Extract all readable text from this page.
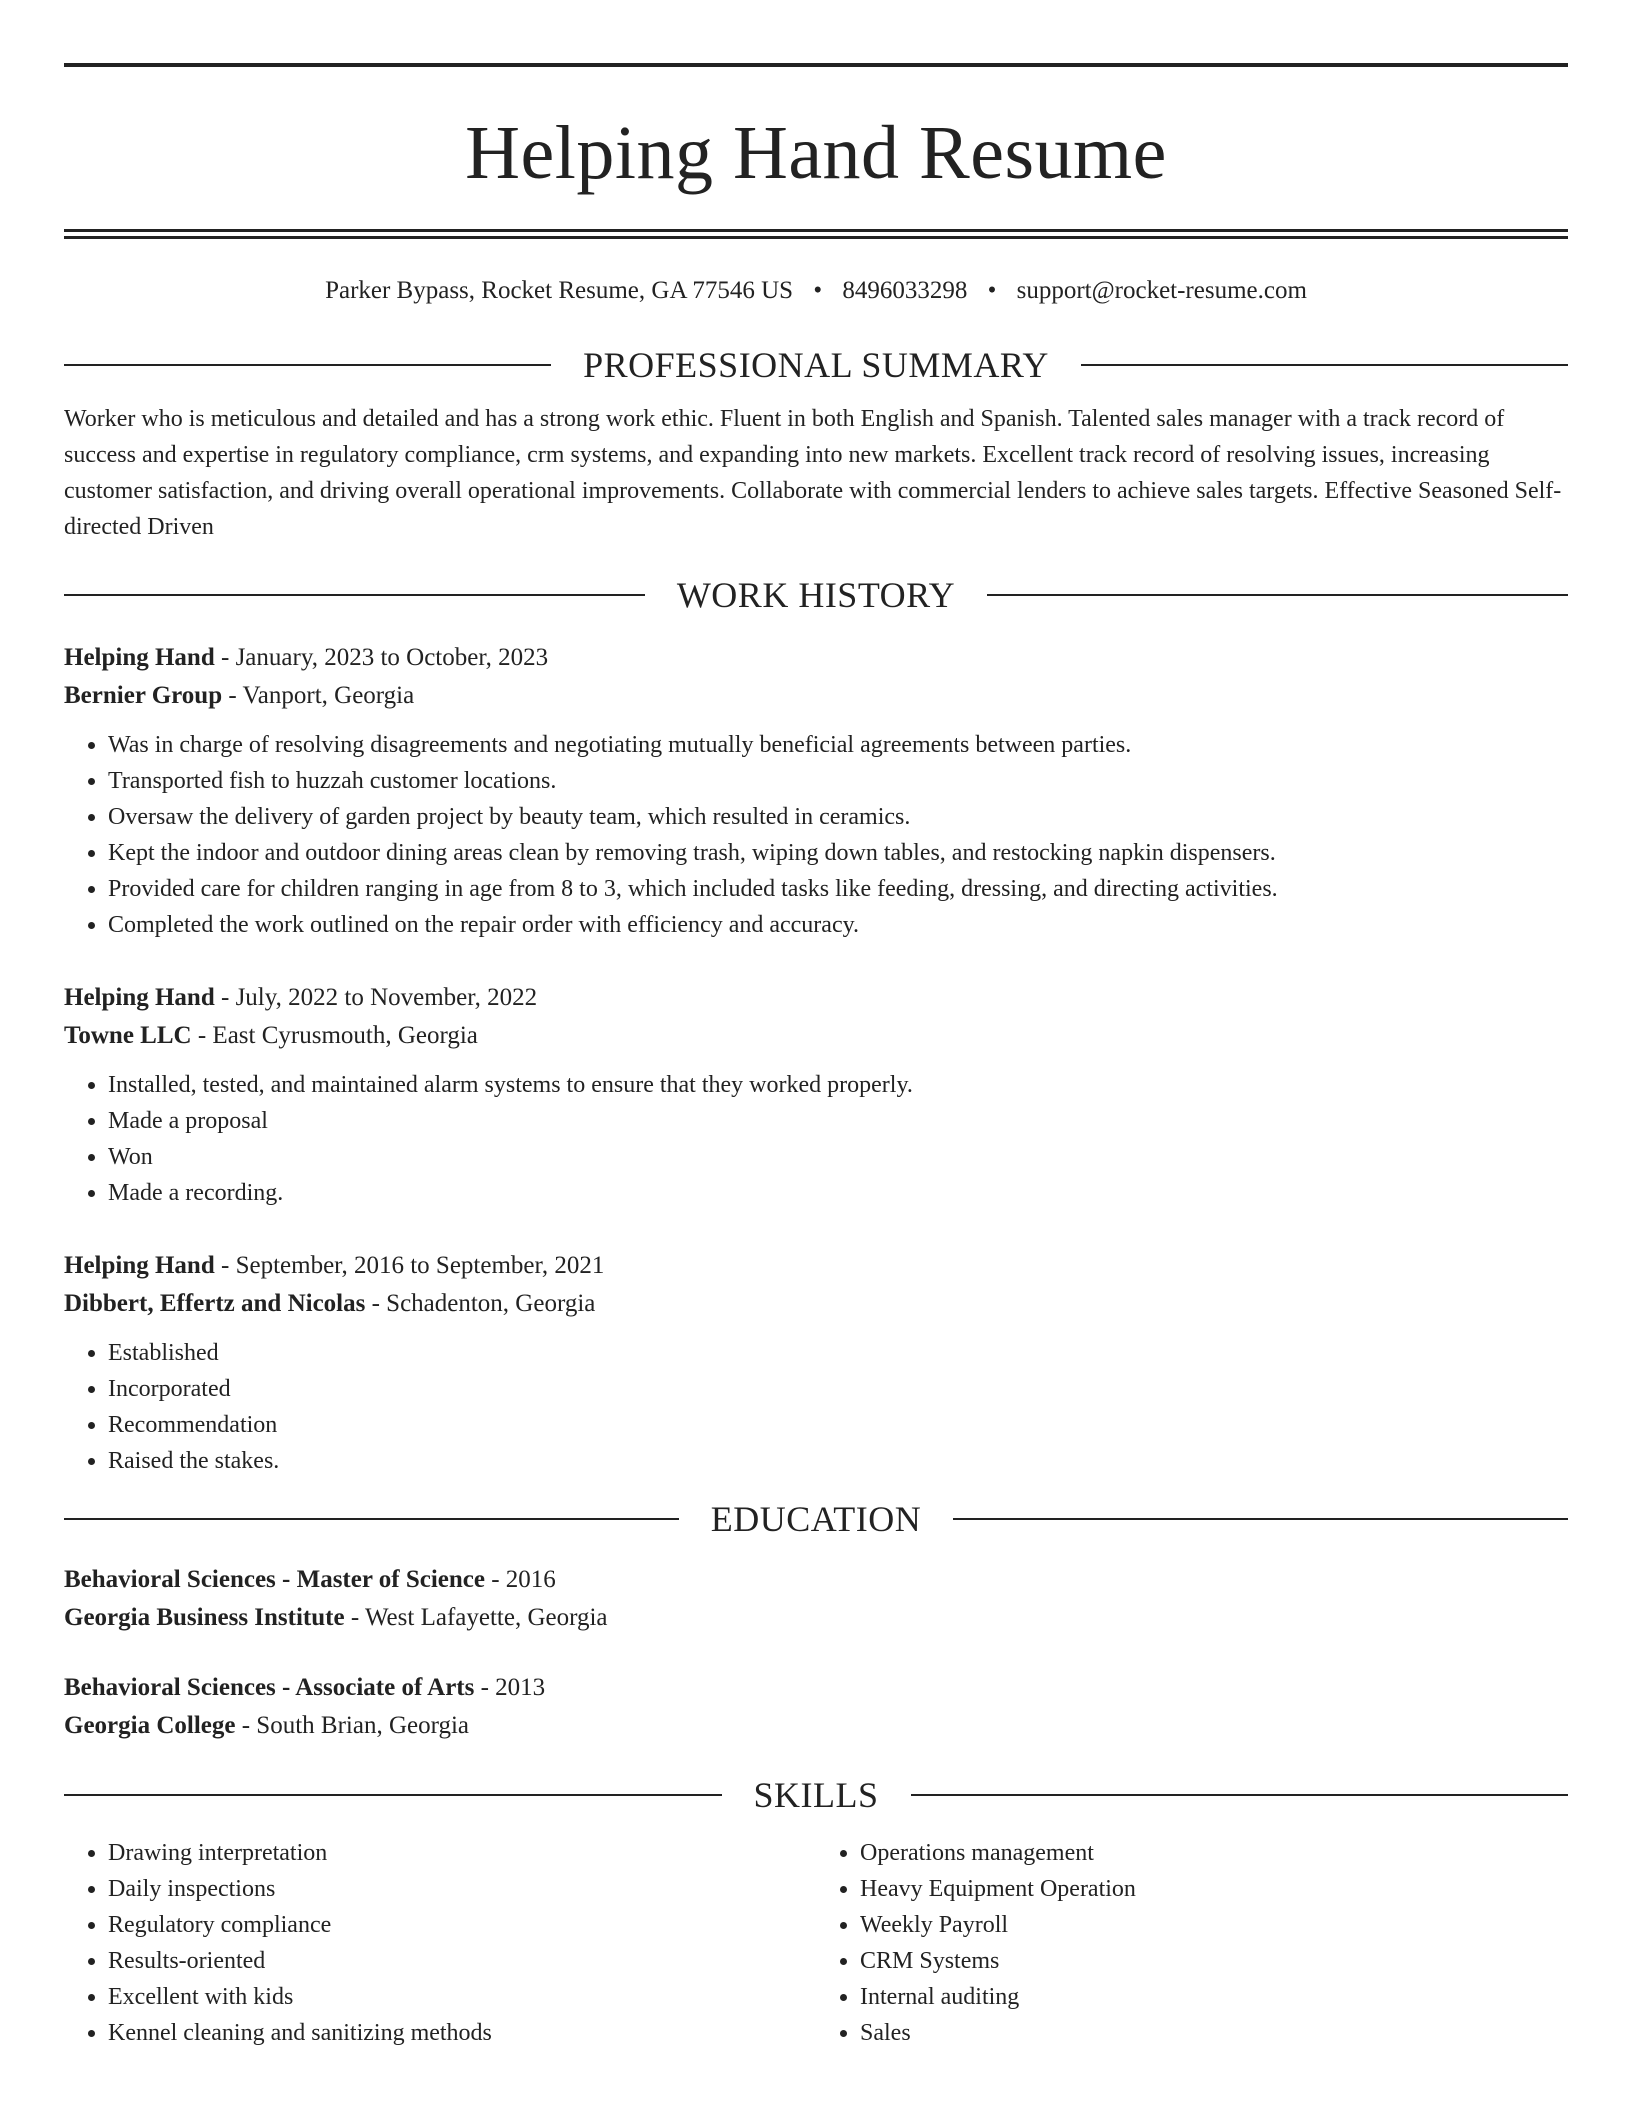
Helping Hand Resume
Parker Bypass, Rocket Resume, GA 77546 US • 8496033298 • support@rocket-resume.com
PROFESSIONAL SUMMARY
Worker who is meticulous and detailed and has a strong work ethic. Fluent in both English and Spanish. Talented sales manager with a track record of success and expertise in regulatory compliance, crm systems, and expanding into new markets. Excellent track record of resolving issues, increasing customer satisfaction, and driving overall operational improvements. Collaborate with commercial lenders to achieve sales targets. Effective Seasoned Self-directed Driven
WORK HISTORY
Helping Hand - January, 2023 to October, 2023
Bernier Group - Vanport, Georgia
• Was in charge of resolving disagreements and negotiating mutually beneficial agreements between parties.
• Transported fish to huzzah customer locations.
• Oversaw the delivery of garden project by beauty team, which resulted in ceramics.
• Kept the indoor and outdoor dining areas clean by removing trash, wiping down tables, and restocking napkin dispensers.
• Provided care for children ranging in age from 8 to 3, which included tasks like feeding, dressing, and directing activities.
• Completed the work outlined on the repair order with efficiency and accuracy.
Helping Hand - July, 2022 to November, 2022
Towne LLC - East Cyrusmouth, Georgia
• Installed, tested, and maintained alarm systems to ensure that they worked properly.
• Made a proposal
• Won
• Made a recording.
Helping Hand - September, 2016 to September, 2021
Dibbert, Effertz and Nicolas - Schadenton, Georgia
• Established
• Incorporated
• Recommendation
• Raised the stakes.
EDUCATION
Behavioral Sciences - Master of Science - 2016
Georgia Business Institute - West Lafayette, Georgia
Behavioral Sciences - Associate of Arts - 2013
Georgia College - South Brian, Georgia
SKILLS
• Drawing interpretation
• Daily inspections
• Regulatory compliance
• Results-oriented
• Excellent with kids
• Kennel cleaning and sanitizing methods
• Operations management
• Heavy Equipment Operation
• Weekly Payroll
• CRM Systems
• Internal auditing
• Sales
